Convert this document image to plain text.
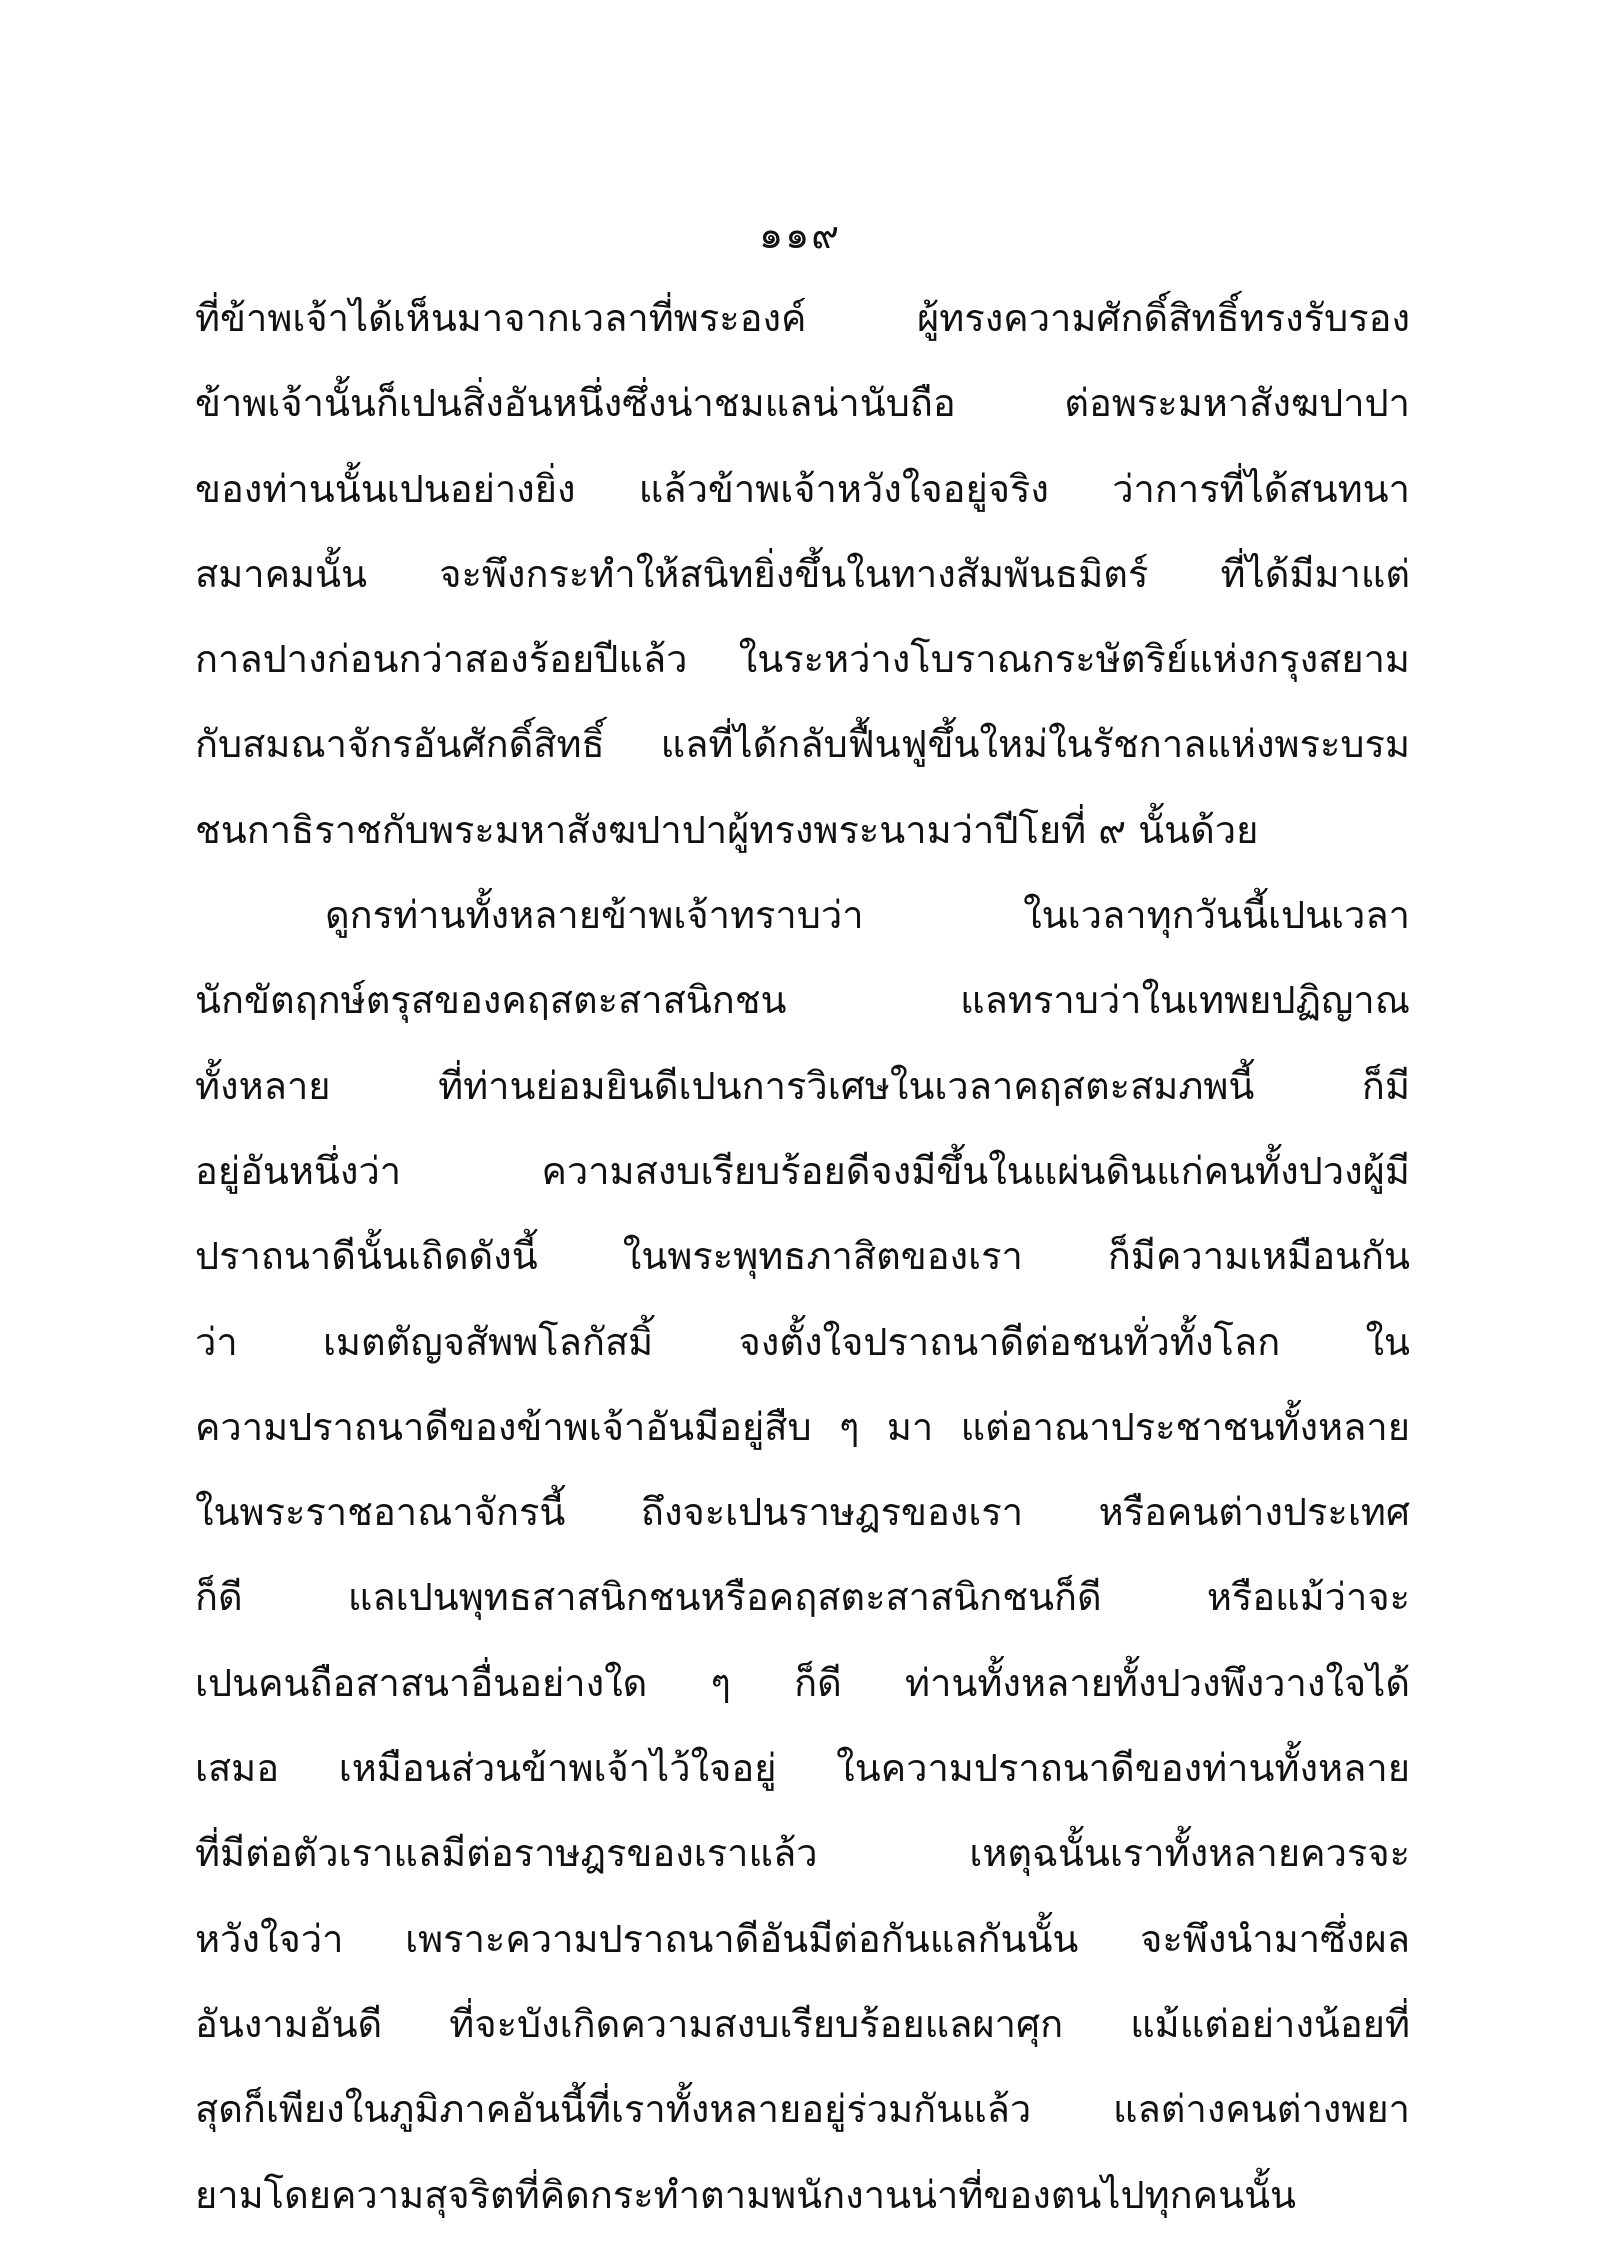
๑๑๙
ที่ข้าพเจ้าได้เห็นมาจากเวลาที่พระองค์ ผู้ทรงความศักดิ์สิทธิ์ทรงรับรอง
ข้าพเจ้านั้นก็เปนสิ่งอันหนึ่งซึ่งน่าชมแลน่านับถือ ต่อพระมหาสังฆปาปา
ของท่านนั้นเปนอย่างยิ่ง แล้วข้าพเจ้าหวังใจอยู่จริง ว่าการที่ได้สนทนา
สมาคมนั้น จะพึงกระทำให้สนิทยิ่งขึ้นในทางสัมพันธมิตร์ ที่ได้มีมาแต่
กาลปางก่อนกว่าสองร้อยปีแล้ว ในระหว่างโบราณกระษัตริย์แห่งกรุงสยาม
กับสมณาจักรอันศักดิ์สิทธิ์ แลที่ได้กลับฟื้นฟูขึ้นใหม่ในรัชกาลแห่งพระบรม
ชนกาธิราชกับพระมหาสังฆปาปาผู้ทรงพระนามว่าปีโยที่ ๙ นั้นด้วย
ดูกรท่านทั้งหลายข้าพเจ้าทราบว่า ในเวลาทุกวันนี้เปนเวลา
นักขัตฤกษ์ตรุสของคฤสตะสาสนิกชน แลทราบว่าในเทพยปฏิญาณ
ทั้งหลาย ที่ท่านย่อมยินดีเปนการวิเศษในเวลาคฤสตะสมภพนี้ ก็มี
อยู่อันหนึ่งว่า ความสงบเรียบร้อยดีจงมีขึ้นในแผ่นดินแก่คนทั้งปวงผู้มี
ปราถนาดีนั้นเถิดดังนี้ ในพระพุทธภาสิตของเรา ก็มีความเหมือนกัน
ว่า เมตตัญจสัพพโลกัสมิ้ จงตั้งใจปราถนาดีต่อชนทั่วทั้งโลก ใน
ความปราถนาดีของข้าพเจ้าอันมีอยู่สืบ ๆ มา แต่อาณาประชาชนทั้งหลาย
ในพระราชอาณาจักรนี้ ถึงจะเปนราษฎรของเรา หรือคนต่างประเทศ
ก็ดี แลเปนพุทธสาสนิกชนหรือคฤสตะสาสนิกชนก็ดี หรือแม้ว่าจะ
เปนคนถือสาสนาอื่นอย่างใด ๆ ก็ดี ท่านทั้งหลายทั้งปวงพึงวางใจได้
เสมอ เหมือนส่วนข้าพเจ้าไว้ใจอยู่ ในความปราถนาดีของท่านทั้งหลาย
ที่มีต่อตัวเราแลมีต่อราษฎรของเราแล้ว เหตุฉนั้นเราทั้งหลายควรจะ
หวังใจว่า เพราะความปราถนาดีอันมีต่อกันแลกันนั้น จะพึงนำมาซึ่งผล
อันงามอันดี ที่จะบังเกิดความสงบเรียบร้อยแลผาศุก แม้แต่อย่างน้อยที่
สุดก็เพียงในภูมิภาคอันนี้ที่เราทั้งหลายอยู่ร่วมกันแล้ว แลต่างคนต่างพยา
ยามโดยความสุจริตที่คิดกระทำตามพนักงานน่าที่ของตนไปทุกคนนั้น
